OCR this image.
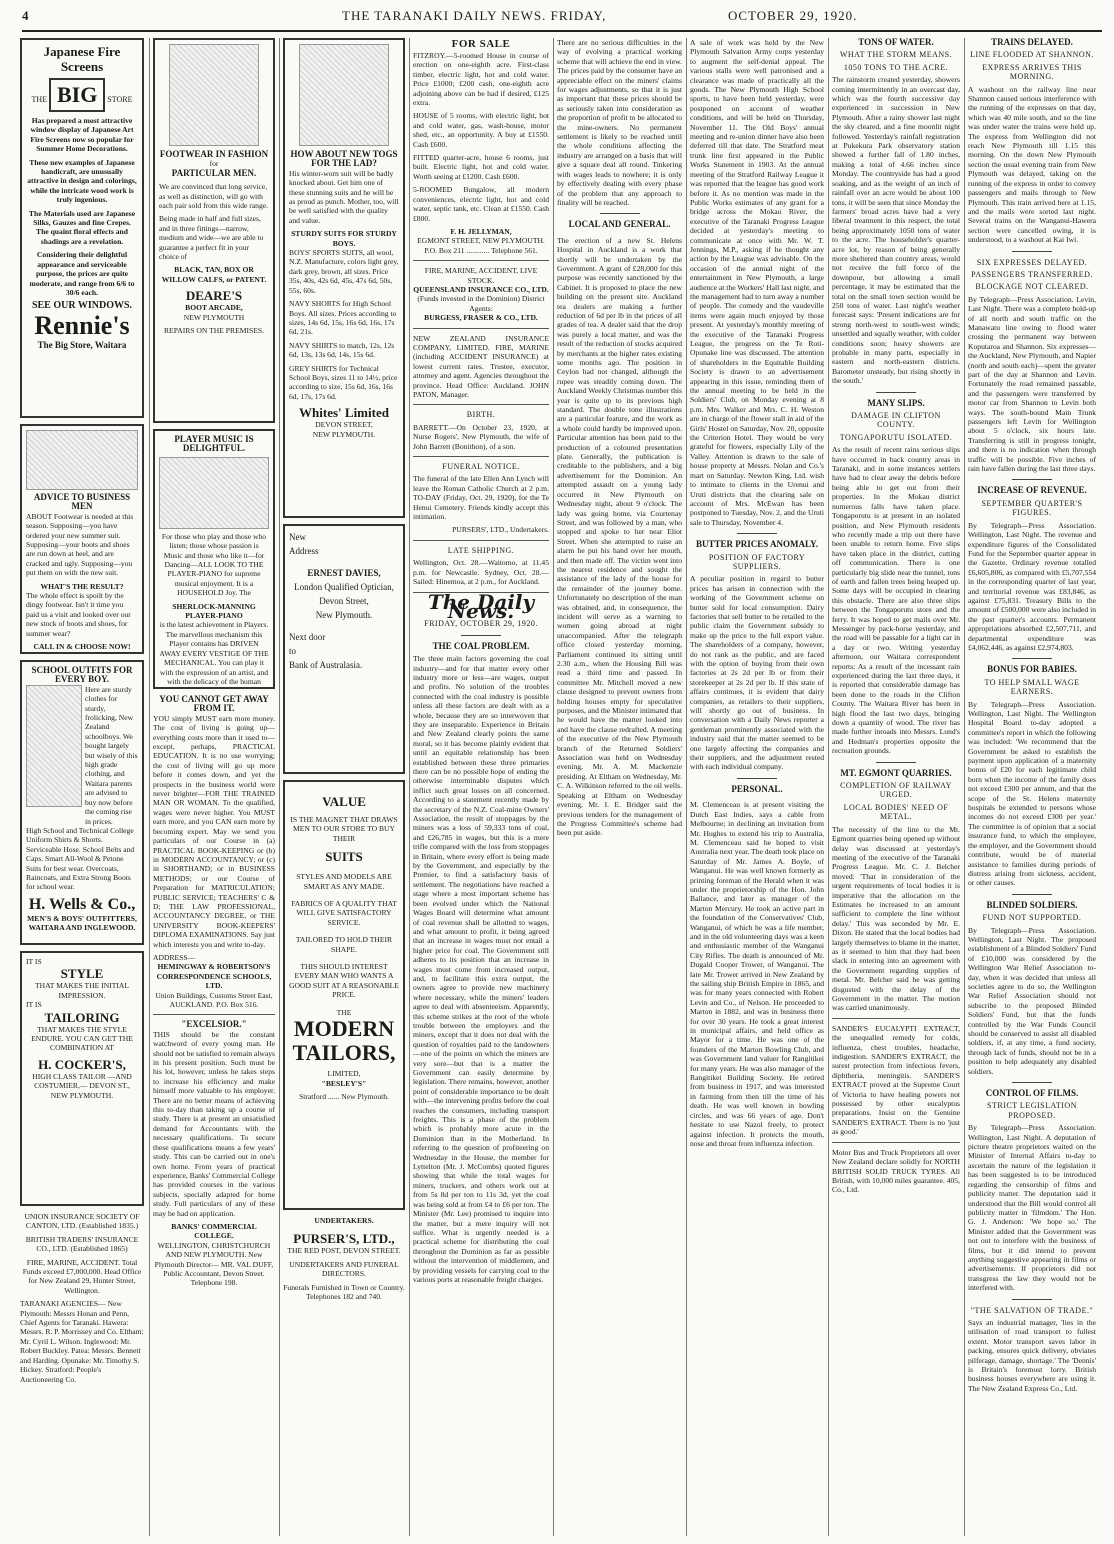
4	THE TARANAKI DAILY NEWS. FRIDAY,	OCTOBER 29, 1920.
Japanese Fire Screens
THE BIG STORE

Has prepared a most attractive window display of Japanese Art Fire Screens now so popular for Summer Home Decorations.

These new examples of Japanese handicraft, are unusually attractive in design and colorings, while the intricate wood work is truly ingenious.

The Materials used are Japanese Silks, Gauzes and fine Crepes. The quaint floral effects and shadings are a revelation.

Considering their delightful appearance and serviceable purpose, the prices are quite moderate, and range from 6/6 to 30/6 each.

SEE OUR WINDOWS.
Rennie's
The Big Store, Waitara
ADVICE TO BUSINESS MEN

ABOUT Footwear is needed at this season. Supposing—you have ordered your new summer suit. Supposing—your boots and shoes are run down at heel, and are cracked and ugly. Supposing—you put them on with the new suit.

WHAT'S THE RESULT?

The whole effect is spoilt by the dingy footwear. Isn't it time you paid us a visit and looked over our new stock of boots and shoes, for summer wear?

CALL IN & CHOOSE NOW!
SCHOOL OUTFITS FOR EVERY BOY.
Here are sturdy clothes for sturdy, frolicking, New Zealand schoolboys. We bought largely but wisely of this high grade clothing, and Waitara parents are advised to buy now before the coming rise in prices.

High School and Technical College Uniform Shirts & Shorts. Serviceable Hose. School Belts and Caps. Smart All-Wool & Petone Suits for best wear. Overcoats, Raincoats, and Extra Strong Boots for school wear.

H. Wells & Co.,
MEN'S & BOYS' OUTFITTERS, WAITARA AND INGLEWOOD.
IT IS
STYLE
THAT MAKES THE INITIAL IMPRESSION.
IT IS
TAILORING
THAT MAKES THE STYLE ENDURE. YOU CAN GET THE COMBINATION AT
H. COCKER'S,
HIGH CLASS TAILOR —AND COSTUMIER,— DEVON ST., NEW PLYMOUTH.

UNION INSURANCE SOCIETY OF CANTON, LTD. (Established 1835.)

BRITISH TRADERS' INSURANCE CO., LTD. (Established 1865)

FIRE, MARINE, ACCIDENT. Total Funds exceed £7,000,000. Head Office for New Zealand 29, Hunter Street, Wellington.

TARANAKI AGENCIES— New Plymouth: Messrs Honan and Penn, Chief Agents for Taranaki. Hawera: Messrs. R. P. Morrissey and Co. Eltham: Mr. Cyril L. Wilson. Inglewood: Mr. Robert Buckley. Patea: Messrs. Bennett and Harding. Opunake: Mr. Timothy S. Hickey. Stratford: People's Auctioneering Co.

FOOTWEAR IN FASHION
for
PARTICULAR MEN.

We are convinced that long service, as well as distinction, will go with each pair sold from this wide range.

Being made in half and full sizes, and in three fittings—narrow, medium and wide—we are able to guarantee a perfect fit in your choice of

BLACK, TAN, BOX OR WILLOW CALFS, or PATENT.

DEARE'S
BOOT ARCADE,
NEW PLYMOUTH
REPAIRS ON THE PREMISES.
PLAYER MUSIC IS DELIGHTFUL.

For those who play and those who listen; those whose passion is Music and those who like it—for Dancing—ALL LOOK TO THE PLAYER-PIANO for supreme musical enjoyment. It is a HOUSEHOLD Joy. The

SHERLOCK-MANNING PLAYER-PIANO

is the latest achievement in Players. The marvellous mechanism this Player contains has DRIVEN AWAY EVERY VESTIGE OF THE MECHANICAL. You can play it with the expression of an artist, and with the delicacy of the human

YOU CANNOT GET AWAY FROM IT.

YOU simply MUST earn more money. The cost of living is going up—everything costs more than it used to—except, perhaps, PRACTICAL EDUCATION. It is no use worrying; the cost of living will go up more before it comes down, and yet the prospects in the business world were never brighter—FOR THE TRAINED MAN OR WOMAN. To the qualified, wages were never higher. You MUST earn more, and you CAN earn more by becoming expert. May we send you particulars of our Course in (a) PRACTICAL BOOK-KEEPING or (b) in MODERN ACCOUNTANCY; or (c) in SHORTHAND; or in BUSINESS METHODS; or our Course of Preparation for MATRICULATION; PUBLIC SERVICE; TEACHERS' C & D; THE LAW PROFESSIONAL, ACCOUNTANCY DEGREE, or THE UNIVERSITY BOOK-KEEPERS' DIPLOMA EXAMINATIONS. Say just which interests you and write to-day.

ADDRESS—
HEMINGWAY & ROBERTSON'S CORRESPONDENCE SCHOOLS, LTD.
Union Buildings, Customs Street East, AUCKLAND. P.O. Box 516.
"EXCELSIOR."

THIS should be the constant watchword of every young man. He should not be satisfied to remain always in his present position. Such must be his lot, however, unless he takes steps to increase his efficiency and make himself more valuable to his employer. There are no better means of achieving this to-day than taking up a course of study. There is at present an unsatisfied demand for Accountants with the necessary qualifications. To secure these qualifications means a few years' study. This can be carried out in one's own home. From years of practical experience, Banks' Commercial College has provided courses in the various subjects, specially adapted for home study. Full particulars of any of these may be had on application.

BANKS' COMMERCIAL COLLEGE.
WELLINGTON, CHRISTCHURCH AND NEW PLYMOUTH. New Plymouth Director— MR. VAL DUFF, Public Accountant, Devon Street. Telephone 198.
HOW ABOUT NEW TOGS FOR THE LAD?

His winter-worn suit will be badly knocked about. Get him one of these stunning suits and he will be as proud as punch. Mother, too, will be well satisfied with the quality and value.

STURDY SUITS FOR STURDY BOYS.

BOYS' SPORTS SUITS, all wool, N.Z. Manufacture, colors light grey, dark grey, brown, all sizes. Price 35s, 40s, 42s 6d, 45s, 47s 6d, 50s, 55s, 60s.

NAVY SHORTS for High School Boys. All sizes. Prices according to sizes, 14s 6d, 15s, 16s 6d, 16s, 17s 6d, 21s.

NAVY SHIRTS to match, 12s, 12s 6d, 13s, 13s 6d, 14s, 15s 6d.

GREY SHIRTS for Technical School Boys, sizes 11 to 14½, price according to size, 15s 6d, 16s, 16s 6d, 17s, 17s 6d.

Whites' Limited
DEVON STREET,
NEW PLYMOUTH.
New
Address
ERNEST DAVIES,
London Qualified Optician,
Devon Street,
New Plymouth.
Next door
to
Bank of Australasia.
VALUE
IS THE MAGNET THAT DRAWS MEN TO OUR STORE TO BUY THEIR
SUITS
STYLES AND MODELS ARE SMART AS ANY MADE.
FABRICS OF A QUALITY THAT WILL GIVE SATISFACTORY SERVICE.
TAILORED TO HOLD THEIR SHAPE.
THIS SHOULD INTEREST EVERY MAN WHO WANTS A GOOD SUIT AT A REASONABLE PRICE.
THE
MODERN
TAILORS,
LIMITED,
"BESLEY'S"
Stratford ...... New Plymouth.
UNDERTAKERS.
PURSER'S, LTD.,
THE RED POST, DEVON STREET.
UNDERTAKERS AND FUNERAL DIRECTORS.
Funerals Furnished in Town or Country. Telephones 182 and 740.
FOR SALE

FITZROY.—5-roomed House in course of erection on one-eighth acre. First-class timber, electric light, hot and cold water. Price £1000; £200 cash, one-eighth acre adjoining above can be had if desired, £125 extra.

HOUSE of 5 rooms, with electric light, hot and cold water, gas, wash-house, motor shed, etc., an opportunity. A buy at £1550. Cash £600.

FITTED quarter-acre, house 6 rooms, just built. Electric light, hot and cold water. Worth seeing at £1200. Cash £600.

5-ROOMED Bungalow, all modern conveniences, electric light, hot and cold water, septic tank, etc. Clean at £1550. Cash £800.

F. H. JELLYMAN,
EGMONT STREET, NEW PLYMOUTH. P.O. Box 211 ............ Telephone 561.
FIRE, MARINE, ACCIDENT, LIVE STOCK.
QUEENSLAND INSURANCE CO., LTD.
(Funds invested in the Dominion) District Agents:
BURGESS, FRASER & CO., LTD.

NEW ZEALAND INSURANCE COMPANY, LIMITED. FIRE, MARINE (including ACCIDENT INSURANCE) at lowest current rates. Trustee, executor, attorney and agent. Agencies throughout the province. Head Office: Auckland. JOHN PATON, Manager.

BIRTH.

BARRETT.—On October 23, 1920, at Nurse Rogers', New Plymouth, the wife of John Barrett (Bonithon), of a son.

FUNERAL NOTICE.

The funeral of the late Ellen Ann Lynch will leave the Roman Catholic Church at 2 p.m. TO-DAY (Friday, Oct. 29, 1920), for the Te Henui Cemetery. Friends kindly accept this intimation.

PURSERS', LTD., Undertakers.
LATE SHIPPING.

Wellington, Oct. 28.—Waitomo, at 11.45 p.m. for Newcastle. Sydney, Oct. 28.—Sailed: Hinemoa, at 2 p.m., for Auckland.

The Daily News.
FRIDAY, OCTOBER 29, 1920.
THE COAL PROBLEM.
The three main factors governing the coal industry—and for that matter every other industry more or less—are wages, output and profits. No solution of the troubles connected with the coal industry is possible unless all these factors are dealt with as a whole, because they are so interwoven that they are inseparable. Experience in Britain and New Zealand clearly points the same moral, so it has become plainly evident that until an equitable relationship has been established between these three primaries there can be no possible hope of ending the otherwise interminable disputes which inflict such great losses on all concerned. According to a statement recently made by the secretary of the N.Z. Coal-mine Owners' Association, the result of stoppages by the miners was a loss of 59,333 tons of coal, and £26,785 in wages, but this is a mere trifle compared with the loss from stoppages in Britain, where every effort is being made by the Government, and especially by the Premier, to find a satisfactory basis of settlement. The negotiations have reached a stage where a most important scheme has been evolved under which the National Wages Board will determine what amount of coal revenue shall be allotted to wages, and what amount to profit, it being agreed that an increase in wages must not entail a higher price for coal. The Government still adheres to its position that an increase in wages must come from increased output, and, to facilitate this extra output, the owners agree to provide new machinery where necessary, while the miners' leaders agree to deal with absenteeism. Apparently, this scheme strikes at the root of the whole trouble between the employers and the miners, except that it does not deal with the question of royalties paid to the landowners—one of the points on which the miners are very sore—but that is a matter the Government can easily determine by legislation. There remains, however, another point of considerable importance to be dealt with—the intervening profits before the coal reaches the consumers, including transport freights. This is a phase of the problem which is probably more acute in the Dominion than in the Motherland. In referring to the question of profiteering on Wednesday in the House, the member for Lyttelton (Mr. J. McCombs) quoted figures showing that while the total wages for miners, truckers, and others work out at from 5s 8d per ton to 11s 3d, yet the coal was being sold at from £4 to £6 per ton. The Minister (Mr. Lee) promised to inquire into the matter, but a mere inquiry will not suffice. What is urgently needed is a practical scheme for distributing the coal throughout the Dominion as far as possible without the intervention of middlemen, and by providing vessels for carrying coal to the various ports at reasonable freight charges.

There are no serious difficulties in the way of evolving a practical working scheme that will achieve the end in view. The prices paid by the consumer have an appreciable effect on the miners' claims for wages adjustments, so that it is just as important that these prices should be as seriously taken into consideration as the proportion of profit to be allocated to the mine-owners. No permanent settlement is likely to be reached until the whole conditions affecting the industry are arranged on a basis that will give a square deal all round. Tinkering with wages leads to nowhere; it is only by effectively dealing with every phase of the problem that any approach to finality will be reached.

LOCAL AND GENERAL.
The erection of a new St. Helens Hospital in Auckland is a work that shortly will be undertaken by the Government. A grant of £28,000 for this purpose was recently sanctioned by the Cabinet. It is proposed to place the new building on the present site. Auckland tea dealers are making a further reduction of 6d per lb in the prices of all grades of tea. A dealer said that the drop was purely a local matter, and was the result of the reduction of stocks acquired by merchants at the higher rates existing some months ago. The position in Ceylon had not changed, although the rupee was steadily coming down. The Auckland Weekly Christmas number this year is quite up to its previous high standard. The double tone illustrations are a particular feature, and the work as a whole could hardly be improved upon. Particular attention has been paid to the production of a coloured presentation plate. Generally, the publication is creditable to the publishers, and a big advertisement for the Dominion. An attempted assault on a young lady occurred in New Plymouth on Wednesday night, about 9 o'clock. The lady was going home, via Courtenay Street, and was followed by a man, who stopped and spoke to her near Eliot Street. When she attempted to raise an alarm he put his hand over her mouth, and then made off. The victim went into the nearest residence and sought the assistance of the lady of the house for the remainder of the journey home. Unfortunately no description of the man was obtained, and, in consequence, the incident will serve as a warning to women going abroad at night unaccompanied. After the telegraph office closed yesterday morning, Parliament continued its sitting until 2.30 a.m., when the Housing Bill was read a third time and passed. In committee Mr. Mitchell moved a new clause designed to prevent owners from holding houses empty for speculative purposes, and the Minister intimated that he would have the matter looked into and have the clause redrafted. A meeting of the executive of the New Plymouth branch of the Returned Soldiers' Association was held on Wednesday evening, Mr. A. M. Mackenzie presiding. At Eltham on Wednesday, Mr. C. A. Wilkinson referred to the oil wells. Speaking at Eltham on Wednesday evening, Mr. I. E. Bridger said the previous tenders for the management of the Progress Committee's scheme had been put aside.

A sale of work was held by the New Plymouth Salvation Army corps yesterday to augment the self-denial appeal. The various stalls were well patronised and a clearance was made of practically all the goods. The New Plymouth High School sports, to have been held yesterday, were postponed on account of weather conditions, and will be held on Thursday, November 11. The Old Boys' annual meeting and re-union dinner have also been deferred till that date. The Stratford meat trunk line first appeared in the Public Works Statement in 1903. At the annual meeting of the Stratford Railway League it was reported that the league has good work before it. As no mention was made in the Public Works estimates of any grant for a bridge across the Mokau River, the executive of the Taranaki Progress League decided at yesterday's meeting to communicate at once with Mr. W. T. Jennings, M.P., asking if he thought any action by the League was advisable. On the occasion of the annual night of the entertainment in New Plymouth, a large audience at the Workers' Hall last night, and the management had to turn away a number of people. The comedy and the vaudeville items were again much enjoyed by those present. At yesterday's monthly meeting of the executive of the Taranaki Progress League, the progress on the Te Roti-Opunake line was discussed. The attention of shareholders in the Equitable Building Society is drawn to an advertisement appearing in this issue, reminding them of the annual meeting to be held in the Soldiers' Club, on Monday evening at 8 p.m. Mrs. Walker and Mrs. C. H. Weston are in charge of the flower stall in aid of the Girls' Hostel on Saturday, Nov. 20, opposite the Criterion Hotel. They would be very grateful for flowers, especially Lily of the Valley. Attention is drawn to the sale of house property at Messrs. Nolan and Co.'s mart on Saturday. Newton King, Ltd. wish to intimate to clients in the Urenui and Uruti districts that the clearing sale on account of Mrs. McEwan has been postponed to Tuesday, Nov. 2, and the Uruti sale to Thursday, November 4.

BUTTER PRICES ANOMALY.
POSITION OF FACTORY SUPPLIERS.

A peculiar position in regard to butter prices has arisen in connection with the working of the Government scheme on butter sold for local consumption. Dairy factories that sell butter to be retailed to the public claim the Government subsidy to make up the price to the full export value. The shareholders of a company, however, do not rank as the public, and are faced with the option of buying from their own factories at 2s 2d per lb or from their storekeeper at 2s 2d per lb. If this state of affairs continues, it is evident that dairy companies, as retailers to their suppliers, will shortly go out of business. In conversation with a Daily News reporter a gentleman prominently associated with the industry said that the matter seemed to be one largely affecting the companies and their suppliers, and the adjustment rested with each individual company.

PERSONAL.
M. Clemenceau is at present visiting the Dutch East Indies, says a cable from Melbourne; in declining an invitation from Mr. Hughes to extend his trip to Australia, M. Clemenceau said he hoped to visit Australia next year. The death took place on Saturday of Mr. James A. Boyle, of Wanganui. He was well known formerly as printing foreman of the Herald when it was under the proprietorship of the Hon. John Ballance, and later as manager of the Marton Mercury. He took an active part in the foundation of the Conservatives' Club, Wanganui, of which he was a life member, and in the old volunteering days was a keen and enthusiastic member of the Wanganui City Rifles. The death is announced of Mr. Dugald Cooper Trower, of Wanganui. The late Mr. Trower arrived in New Zealand by the sailing ship British Empire in 1865, and was for many years connected with Robert Levin and Co., of Nelson. He proceeded to Marton in 1882, and was in business there for over 30 years. He took a great interest in municipal affairs, and held office as Mayor for a time. He was one of the founders of the Marton Bowling Club, and was Government land valuer for Rangitikei for many years. He was also manager of the Rangitikei Building Society. He retired from business in 1917, and was interested in farming from then till the time of his death. He was well known in bowling circles, and was 66 years of age. Don't hesitate to use Nazol freely, to protect against infection. It protects the mouth, nose and throat from influenza infection.
TONS OF WATER.
WHAT THE STORM MEANS.
1050 TONS TO THE ACRE.

The rainstorm created yesterday, showers coming intermittently in an overcast day, which was the fourth successive day experienced in succession in New Plymouth. After a rainy shower last night the sky cleared, and a fine moonlit night followed. Yesterday's rainfall registration at Pukekura Park observatory station showed a further fall of 1.80 inches, making a total of 4.66 inches since Monday. The countryside has had a good soaking, and as the weight of an inch of rainfall over an acre would be about 100 tons, it will be seen that since Monday the farmers' broad acres have had a very liberal treatment in this respect, the total being approximately 1050 tons of water to the acre. The householder's quarter-acre lot, by reason of being generally more sheltered than country areas, would not receive the full force of the downpour, but allowing a small percentage, it may be estimated that the total on the small town section would be 250 tons of water. Last night's weather forecast says: 'Present indications are for strong north-west to south-west winds; unsettled and squally weather, with colder conditions soon; heavy showers are probable in many parts, especially in eastern and north-eastern districts. Barometer unsteady, but rising shortly in the south.'

MANY SLIPS.
DAMAGE IN CLIFTON COUNTY.
TONGAPORUTU ISOLATED.

As the result of recent rains serious slips have occurred in back country areas in Taranaki, and in some instances settlers have had to clear away the debris before being able to get out from their properties. In the Mokau district numerous falls have taken place. Tongaporutu is at present in an isolated position, and New Plymouth residents who recently made a trip out there have been unable to return home. Five slips have taken place in the district, cutting off communication. There is one particularly big slide near the tunnel, tons of earth and fallen trees being heaped up. Some days will be occupied in clearing this obstacle. There are also three slips between the Tongaporutu store and the ferry. It was hoped to get mails over Mr. Messenger by pack-horse yesterday, and the road will be passable for a light car in a day or two. Writing yesterday afternoon, our Waitara correspondent reports: As a result of the incessant rain experienced during the last three days, it is reported that considerable damage has been done to the roads in the Clifton County. The Waitara River has been in high flood the last two days, bringing down a quantity of wood. The river has made further inroads into Messrs. Lund's and Hedman's properties opposite the recreation grounds.

MT. EGMONT QUARRIES.
COMPLETION OF RAILWAY URGED.
LOCAL BODIES' NEED OF METAL.

The necessity of the line to the Mt. Egmont quarries being opened up without delay was discussed at yesterday's meeting of the executive of the Taranaki Progress League. Mr. C. J. Belcher moved: 'That in consideration of the urgent requirements of local bodies it is imperative that the allocation on the Estimates be increased to an amount sufficient to complete the line without delay.' This was seconded by Mr. E. Dixon. He stated that the local bodies had largely themselves to blame in the matter, as it seemed to him that they had been slack in entering into an agreement with the Government regarding supplies of metal. Mr. Belcher said he was getting disgusted with the delay of the Government in the matter. The motion was carried unanimously.

SANDER'S EUCALYPTI EXTRACT, the unequalled remedy for colds, influenza, chest troubles, headache, indigestion. SANDER'S EXTRACT, the surest protection from infectious fevers, diphtheria, meningitis. SANDER'S EXTRACT proved at the Supreme Court of Victoria to have healing powers not possessed by other eucalyptus preparations. Insist on the Genuine SANDER'S EXTRACT. There is no 'just as good.'

Motor Bus and Truck Proprietors all over New Zealand declare solidly for NORTH BRITISH SOLID TRUCK TYRES. All British, with 10,000 miles guarantee. 405, Co., Ltd.

TRAINS DELAYED.
LINE FLOODED AT SHANNON.
EXPRESS ARRIVES THIS MORNING.

A washout on the railway line near Shannon caused serious interference with the running of the expresses on that day, which was 40 mile south, and so the line was under water the trains were held up. The express from Wellington did not reach New Plymouth till 1.15 this morning. On the down New Plymouth section the usual evening train from New Plymouth was delayed, taking on the running of the express in order to convey passengers and mails through to New Plymouth. This train arrived here at 1.15, and the mails were sorted last night. Several trains on the Wanganui-Hawera section were cancelled owing, it is understood, to a washout at Kai Iwi.

SIX EXPRESSES DELAYED.
PASSENGERS TRANSFERRED.
BLOCKAGE NOT CLEARED.

By Telegraph—Press Association. Levin, Last Night. There was a complete hold-up of all north and south traffic on the Manawatu line owing to flood water crossing the permanent way between Koputaroa and Shannon. Six expresses—the Auckland, New Plymouth, and Napier (north and south each)—spent the greater part of the day at Shannon and Levin. Fortunately the road remained passable, and the passengers were transferred by motor car from Shannon to Levin both ways. The south-bound Main Trunk passengers left Levin for Wellington about 5 o'clock, six hours late. Transferring is still in progress tonight, and there is no indication when through traffic will be possible. Five inches of rain have fallen during the last three days.

INCREASE OF REVENUE.
SEPTEMBER QUARTER'S FIGURES.

By Telegraph—Press Association. Wellington, Last Night. The revenue and expenditure figures of the Consolidated Fund for the September quarter appear in the Gazette. Ordinary revenue totalled £6,605,806, as compared with £5,707,554 in the corresponding quarter of last year, and territorial revenue was £83,846, as against £75,831. Treasury Bills to the amount of £500,000 were also included in the past quarter's accounts. Permanent appropriations absorbed £2,507,711, and departmental expenditure was £4,062,446, as against £2,974,803.

BONUS FOR BABIES.
TO HELP SMALL WAGE EARNERS.

By Telegraph—Press Association. Wellington, Last Night. The Wellington Hospital Board to-day adopted a committee's report in which the following was included: 'We recommend that the Government be asked to establish the payment upon application of a maternity bonus of £20 for each legitimate child born when the income of the family does not exceed £300 per annum, and that the scope of the St. Helens maternity hospitals be extended to persons whose incomes do not exceed £300 per year.' The committee is of opinion that a social insurance fund, to which the employee, the employer, and the Government should contribute, would be of material assistance to families during periods of distress arising from sickness, accident, or other causes.

BLINDED SOLDIERS.
FUND NOT SUPPORTED.

By Telegraph—Press Association. Wellington, Last Night. The proposed establishment of a Blinded Soldiers' Fund of £10,000 was considered by the Wellington War Relief Association to-day, when it was decided that unless all societies agree to do so, the Wellington War Relief Association should not subscribe to the proposed Blinded Soldiers' Fund, but that the funds controlled by the War Funds Council should be conserved to assist all disabled soldiers, if, at any time, a fund society, through lack of funds, should not be in a position to help adequately any disabled soldiers.

CONTROL OF FILMS.
STRICT LEGISLATION PROPOSED.

By Telegraph—Press Association. Wellington, Last Night. A deputation of picture theatre proprietors waited on the Minister of Internal Affairs to-day to ascertain the nature of the legislation it has been suggested is to be introduced regarding the censorship of films and publicity matter. The deputation said it understood that the Bill would control all publicity matter in 'filmdom.' The Hon. G. J. Anderson: 'We hope so.' The Minister added that the Government was not out to interfere with the business of films, but it did intend to prevent anything suggestive appearing in films or advertisements. If proprietors did not transgress the law they would not be interfered with.

"THE SALVATION OF TRADE."

Says an industrial manager, 'lies in the utilisation of road transport to fullest extent. Motor transport saves labor in packing, ensures quick delivery, obviates pilferage, damage, shortage.' The 'Dennis' is Britain's foremost lorry. British business houses everywhere are using it. The New Zealand Express Co., Ltd.
